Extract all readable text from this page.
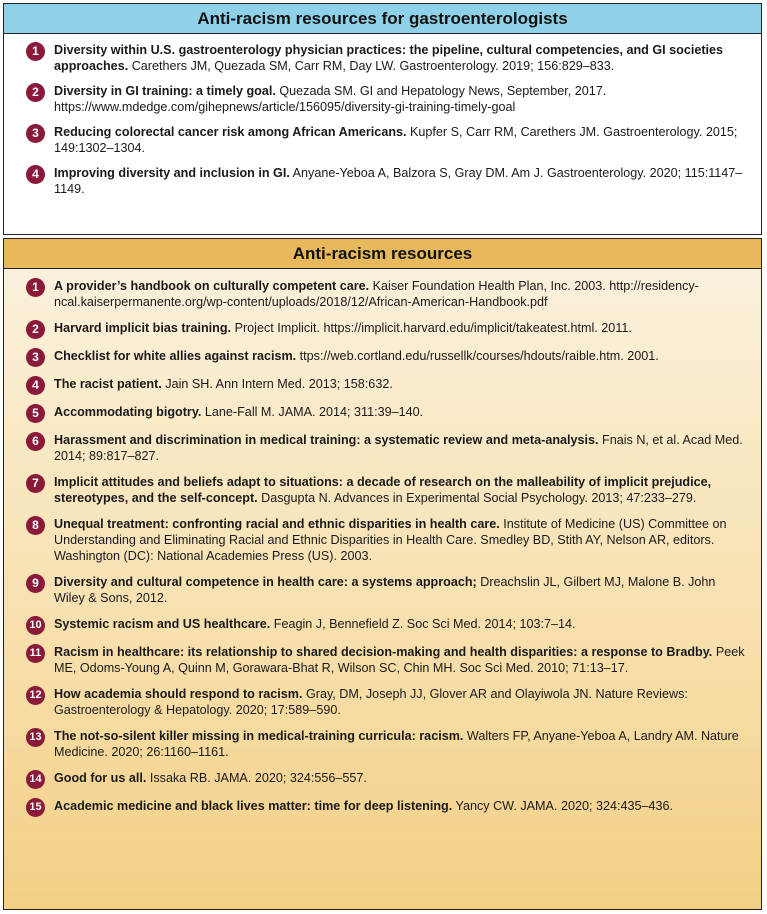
Anti-racism resources for gastroenterologists
1	Diversity within U.S. gastroenterology physician practices: the pipeline, cultural competencies, and GI societies approaches. Carethers JM, Quezada SM, Carr RM, Day LW. Gastroenterology. 2019; 156:829–833.
2	Diversity in GI training: a timely goal. Quezada SM. GI and Hepatology News, September, 2017. https://www.mdedge.com/gihepnews/article/156095/diversity-gi-training-timely-goal
3	Reducing colorectal cancer risk among African Americans. Kupfer S, Carr RM, Carethers JM. Gastroenterology. 2015; 149:1302–1304.
4	Improving diversity and inclusion in GI. Anyane-Yeboa A, Balzora S, Gray DM. Am J. Gastroenterology. 2020; 115:1147–1149.
Anti-racism resources
1	A provider’s handbook on culturally competent care. Kaiser Foundation Health Plan, Inc. 2003. http://residency-ncal.kaiserpermanente.org/wp-content/uploads/2018/12/African-American-Handbook.pdf
2	Harvard implicit bias training. Project Implicit. https://implicit.harvard.edu/implicit/takeatest.html. 2011.
3	Checklist for white allies against racism. ttps://web.cortland.edu/russellk/courses/hdouts/raible.htm. 2001.
4	The racist patient. Jain SH. Ann Intern Med. 2013; 158:632.
5	Accommodating bigotry. Lane-Fall M. JAMA. 2014; 311:39–140.
6	Harassment and discrimination in medical training: a systematic review and meta-analysis. Fnais N, et al. Acad Med. 2014; 89:817–827.
7	Implicit attitudes and beliefs adapt to situations: a decade of research on the malleability of implicit prejudice, stereotypes, and the self-concept. Dasgupta N. Advances in Experimental Social Psychology. 2013; 47:233–279.
8	Unequal treatment: confronting racial and ethnic disparities in health care. Institute of Medicine (US) Committee on Understanding and Eliminating Racial and Ethnic Disparities in Health Care. Smedley BD, Stith AY, Nelson AR, editors. Washington (DC): National Academies Press (US). 2003.
9	Diversity and cultural competence in health care: a systems approach; Dreachslin JL, Gilbert MJ, Malone B. John Wiley & Sons, 2012.
10 Systemic racism and US healthcare. Feagin J, Bennefield Z. Soc Sci Med. 2014; 103:7–14.
11 Racism in healthcare: its relationship to shared decision-making and health disparities: a response to Bradby. Peek ME, Odoms-Young A, Quinn M, Gorawara-Bhat R, Wilson SC, Chin MH. Soc Sci Med. 2010; 71:13–17.
12 How academia should respond to racism. Gray, DM, Joseph JJ, Glover AR and Olayiwola JN. Nature Reviews: Gastroenterology & Hepatology. 2020; 17:589–590.
13 The not-so-silent killer missing in medical-training curricula: racism. Walters FP, Anyane-Yeboa A, Landry AM. Nature Medicine. 2020; 26:1160–1161.
14 Good for us all. Issaka RB. JAMA. 2020; 324:556–557.
15 Academic medicine and black lives matter: time for deep listening. Yancy CW. JAMA. 2020; 324:435–436.
